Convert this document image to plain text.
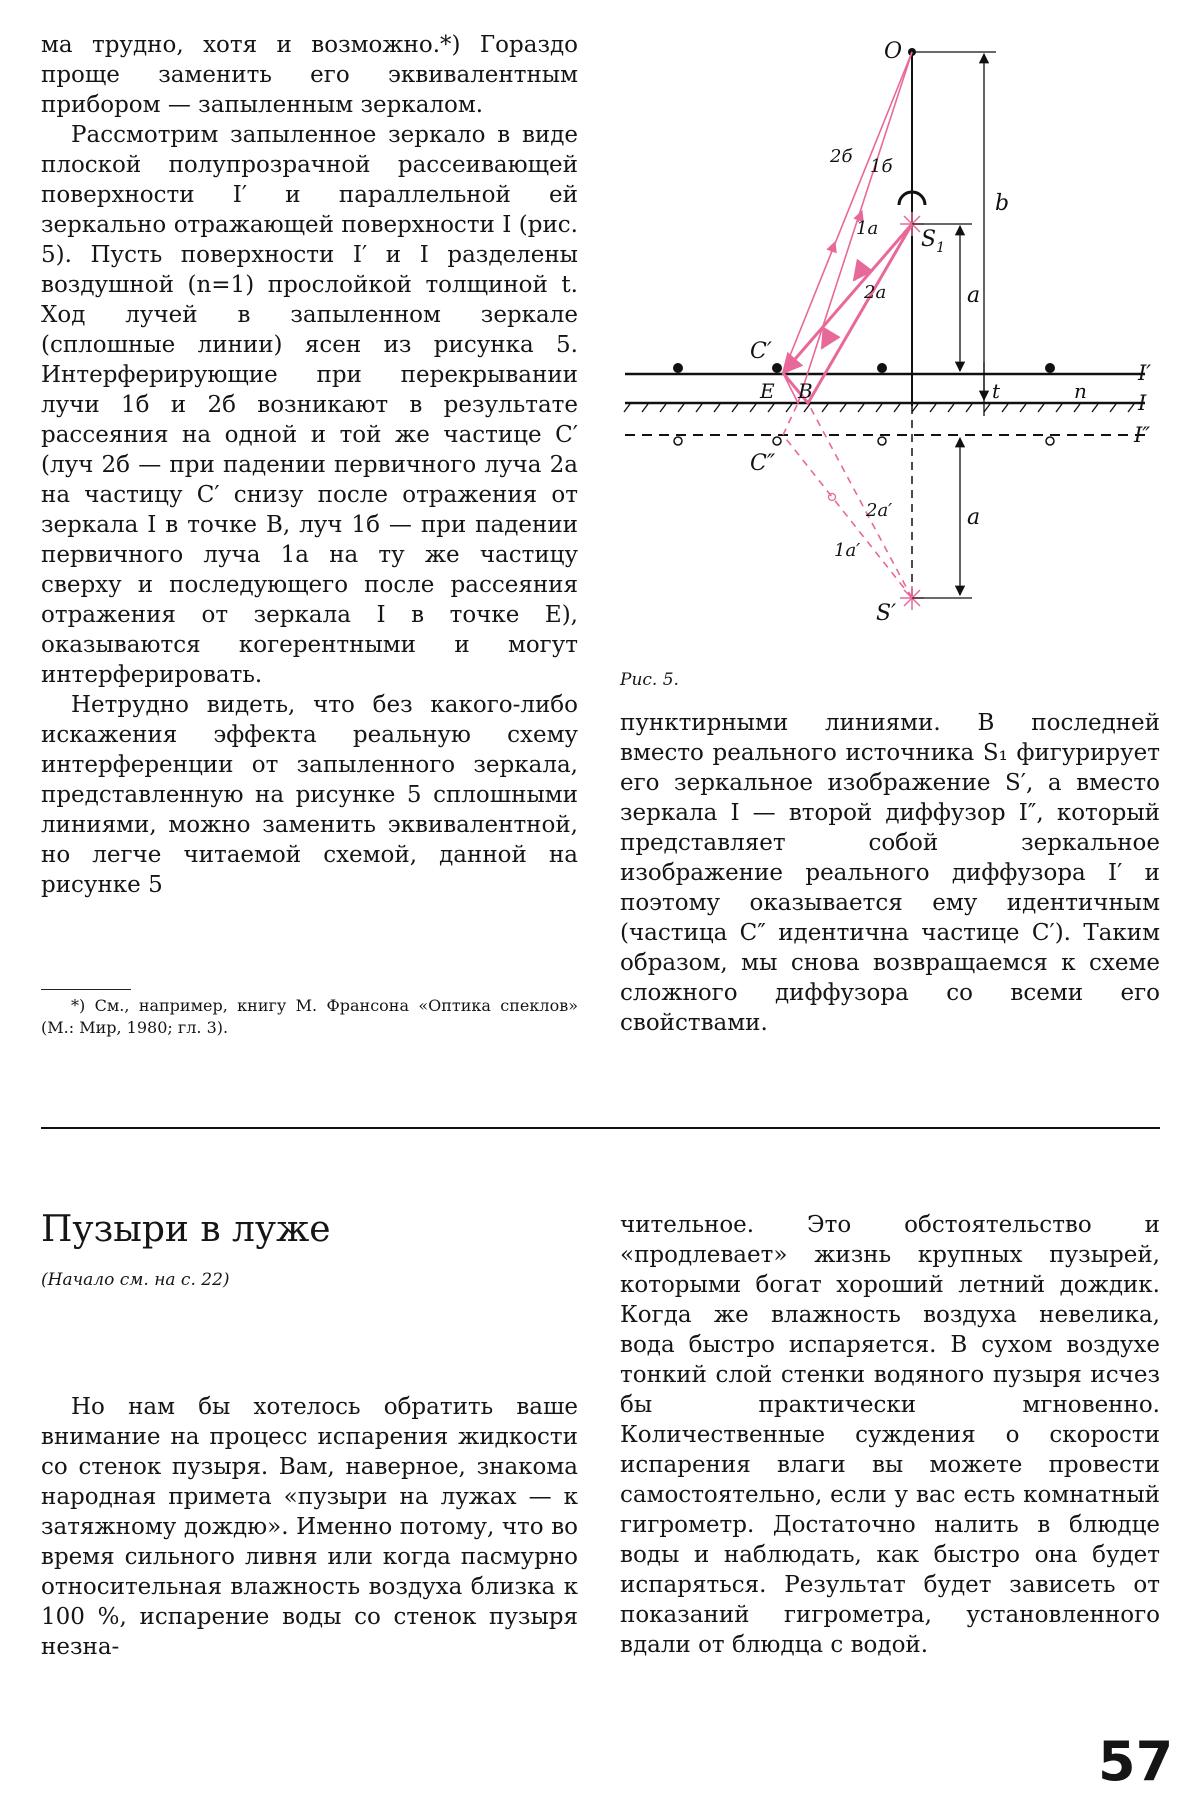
ма трудно, хотя и возможно.*) Гораздо проще заменить его эквивалентным прибором — запыленным зеркалом.

Рассмотрим запыленное зеркало в виде плоской полупрозрачной рассеивающей поверхности I′ и параллельной ей зеркально отражающей поверхности I (рис. 5). Пусть поверхности I′ и I разделены воздушной (n=1) прослойкой толщиной t. Ход лучей в запыленном зеркале (сплошные линии) ясен из рисунка 5. Интерферирующие при перекрывании лучи 1б и 2б возникают в результате рассеяния на одной и той же частице C′(луч 2б — при падении первичного луча 2а на частицу C′ снизу после отражения от зеркала I в точке B, луч 1б — при падении первичного луча 1а на ту же частицу сверху и последующего после рассеяния отражения от зеркала I в точке E), оказываются когерентными и могут интерферировать.

Нетрудно видеть, что без какого-либо искажения эффекта реальную схему интерференции от запыленного зеркала, представленную на рисунке 5 сплошными линиями, можно заменить эквивалентной, но легче читаемой схемой, данной на рисунке 5

*) См., например, книгу М. Франсона «Оптика спеклов» (М.: Мир, 1980; гл. 3).
O
$S_1$
S′
C′
C″
E B	t	n
b
a
a
2б 1б
1а
2а
2а′
1а′
I′
I
I″
Рис. 5.

пунктирными линиями. В последней вместо реального источника S₁ фигурирует его зеркальное изображение S′, а вместо зеркала I — второй диффузор I″, который представляет собой зеркальное изображение реального диффузора I′ и поэтому оказывается ему идентичным (частица C″ идентична частице C′). Таким образом, мы снова возвращаемся к схеме сложного диффузора со всеми его свойствами.

Пузыри в луже
(Начало см. на с. 22)

Но нам бы хотелось обратить ваше внимание на процесс испарения жидкости со стенок пузыря. Вам, наверное, знакома народная примета «пузыри на лужах — к затяжному дождю». Именно потому, что во время сильного ливня или когда пасмурно относительная влажность воздуха близка к 100 %, испарение воды со стенок пузыря незна-

чительное. Это обстоятельство и «продлевает» жизнь крупных пузырей, которыми богат хороший летний дождик. Когда же влажность воздуха невелика, вода быстро испаряется. В сухом воздухе тонкий слой стенки водяного пузыря исчез бы практически мгновенно. Количественные суждения о скорости испарения влаги вы можете провести самостоятельно, если у вас есть комнатный гигрометр. Достаточно налить в блюдце воды и наблюдать, как быстро она будет испаряться. Результат будет зависеть от показаний гигрометра, установленного вдали от блюдца с водой.

57
